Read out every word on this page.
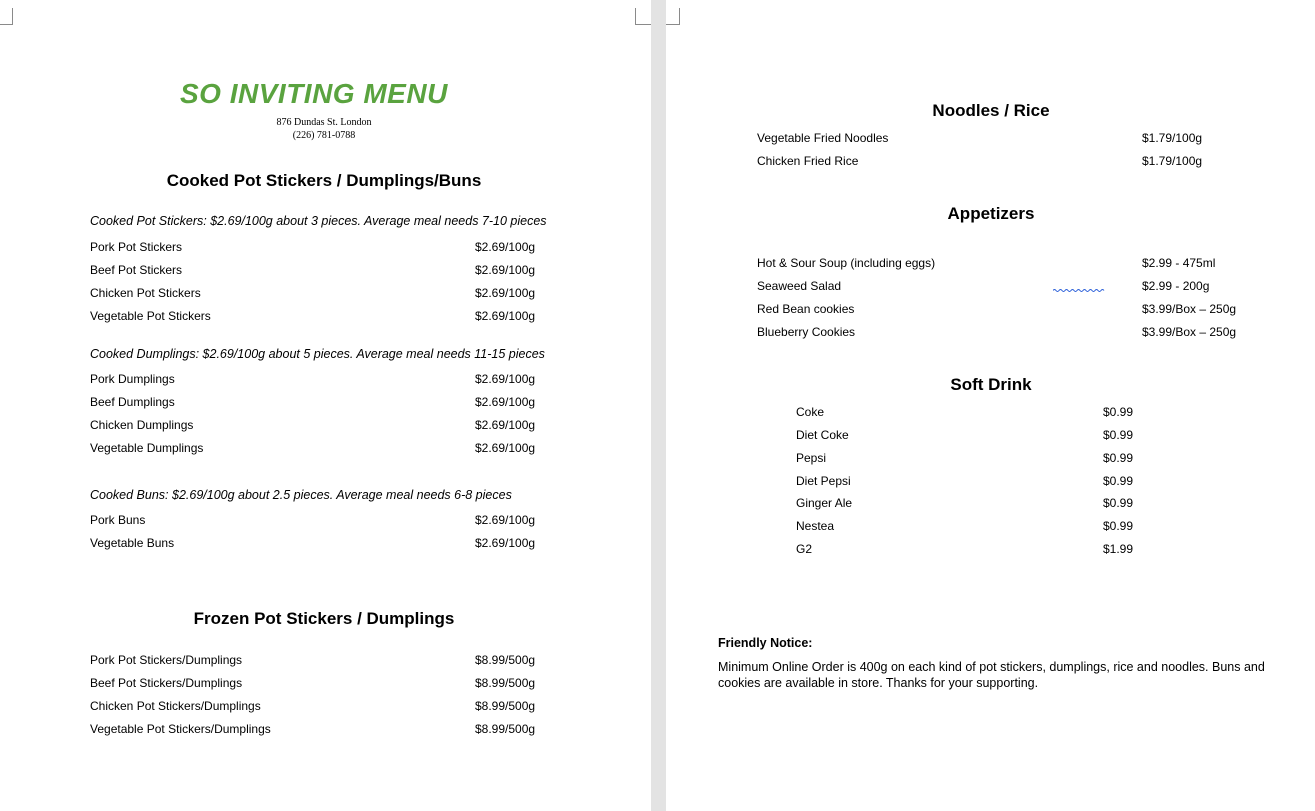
SO INVITING MENU
876 Dundas St. London
(226) 781-0788
Cooked Pot Stickers / Dumplings/Buns
Cooked Pot Stickers: $2.69/100g about 3 pieces. Average meal needs 7-10 pieces
Pork Pot Stickers	$2.69/100g
Beef Pot Stickers	$2.69/100g
Chicken Pot Stickers	$2.69/100g
Vegetable Pot Stickers	$2.69/100g
Cooked Dumplings: $2.69/100g about 5 pieces. Average meal needs 11-15 pieces
Pork Dumplings	$2.69/100g
Beef Dumplings	$2.69/100g
Chicken Dumplings	$2.69/100g
Vegetable Dumplings	$2.69/100g
Cooked Buns: $2.69/100g about 2.5 pieces. Average meal needs 6-8 pieces
Pork Buns	$2.69/100g
Vegetable Buns	$2.69/100g
Frozen Pot Stickers / Dumplings
Pork Pot Stickers/Dumplings	$8.99/500g
Beef Pot Stickers/Dumplings	$8.99/500g
Chicken Pot Stickers/Dumplings	$8.99/500g
Vegetable Pot Stickers/Dumplings	$8.99/500g
Noodles / Rice
Vegetable Fried Noodles	$1.79/100g
Chicken Fried Rice	$1.79/100g
Appetizers
Hot & Sour Soup (including eggs)	$2.99 - 475ml
Seaweed Salad	$2.99 - 200g
Red Bean cookies	$3.99/Box – 250g
Blueberry Cookies	$3.99/Box – 250g
Soft Drink
Coke	$0.99
Diet Coke	$0.99
Pepsi	$0.99
Diet Pepsi	$0.99
Ginger Ale	$0.99
Nestea	$0.99
G2	$1.99
Friendly Notice:
Minimum Online Order is 400g on each kind of pot stickers, dumplings, rice and noodles. Buns and cookies are available in store. Thanks for your supporting.
